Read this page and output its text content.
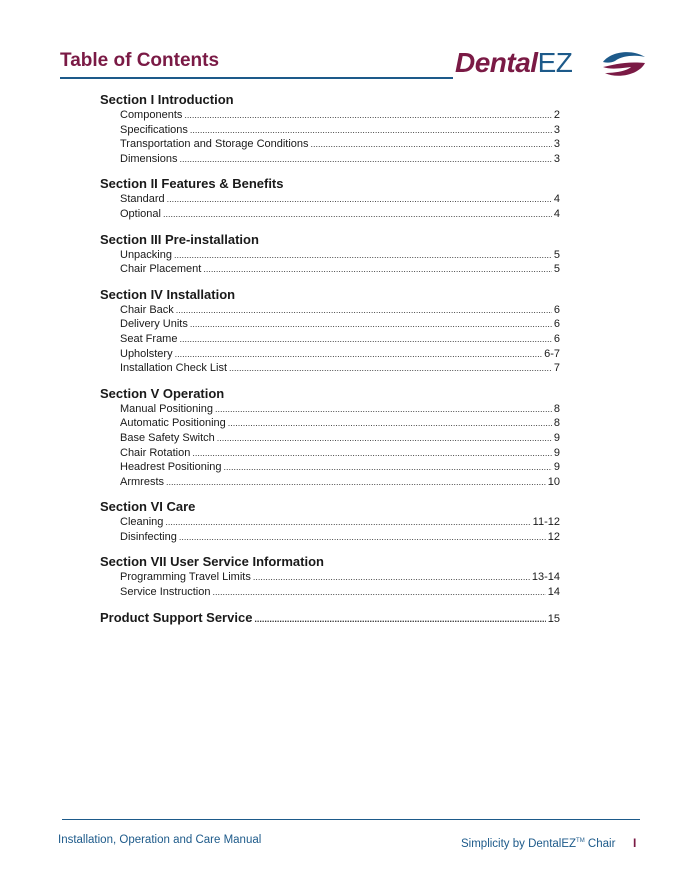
Table of Contents	DentalEZ
Section I Introduction
Components .....	2
Specifications .....	3
Transportation and Storage Conditions .....	3
Dimensions .....	3
Section II Features & Benefits
Standard .....	4
Optional .....	4
Section III Pre-installation
Unpacking .....	5
Chair Placement .....	5
Section IV Installation
Chair Back .....	6
Delivery Units .....	6
Seat Frame .....	6
Upholstery .....	6-7
Installation Check List .....	7
Section V Operation
Manual Positioning .....	8
Automatic Positioning .....	8
Base Safety Switch .....	9
Chair Rotation .....	9
Headrest Positioning .....	9
Armrests .....	10
Section VI Care
Cleaning .....	11-12
Disinfecting .....	12
Section VII User Service Information
Programming Travel Limits .....	13-14
Service Instruction .....	14
Product Support Service .....	15
Installation, Operation and Care Manual	Simplicity by DentalEZ™ Chair I
